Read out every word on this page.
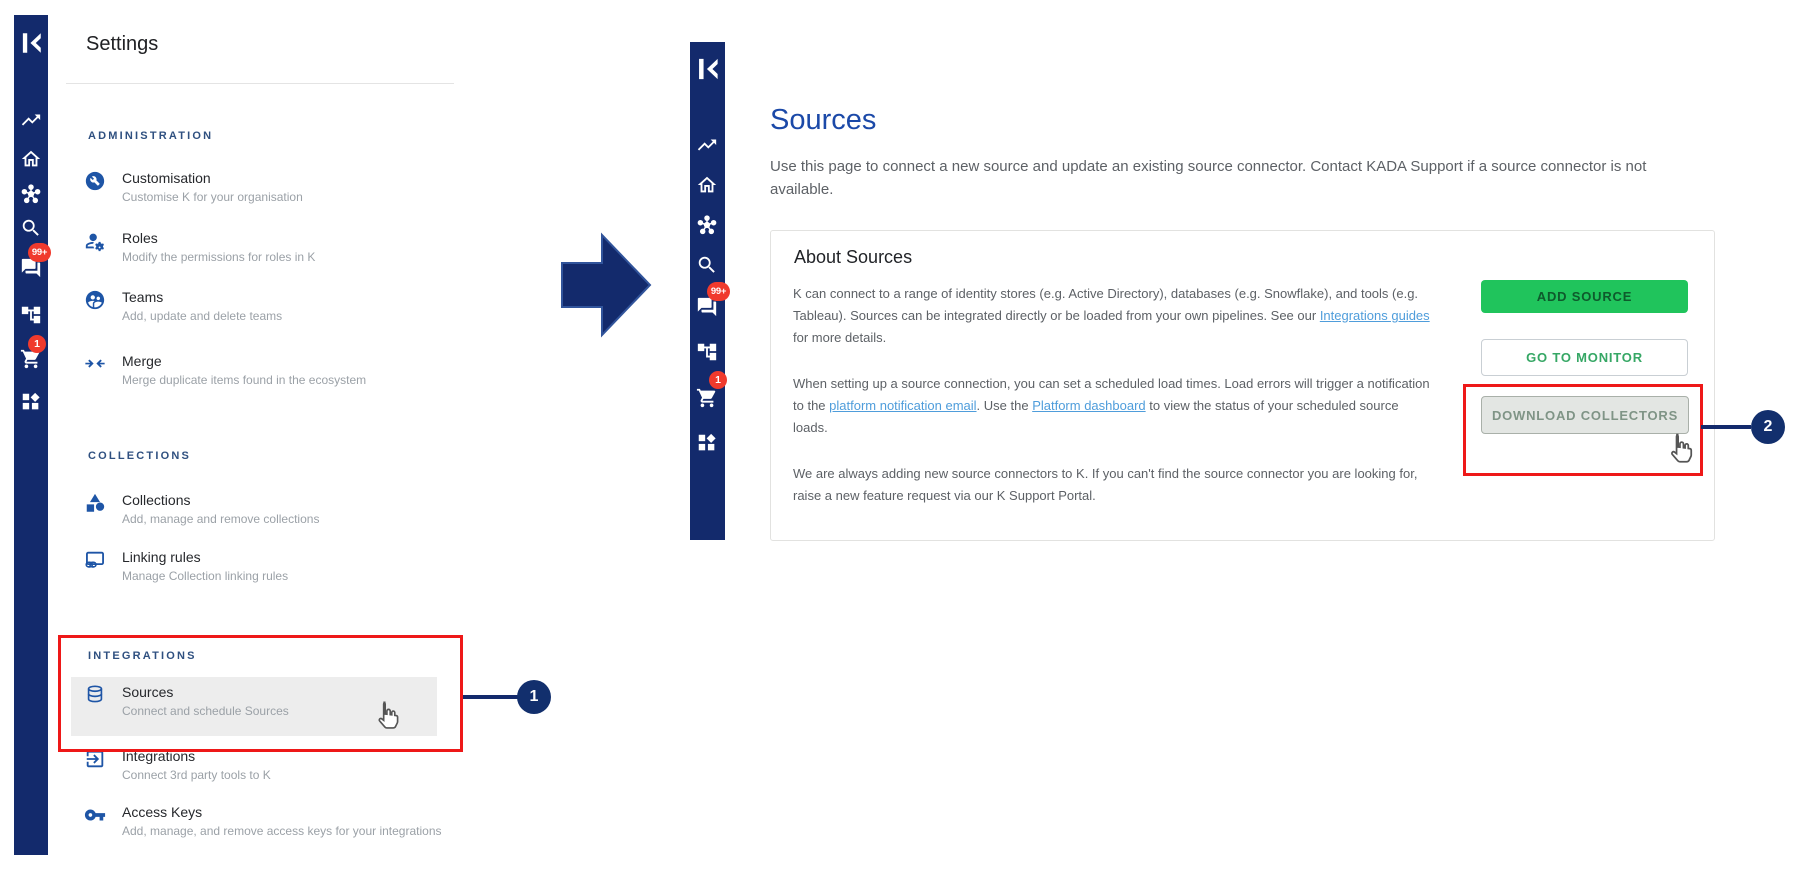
99+
1
Settings
ADMINISTRATION
Customisation
Customise K for your organisation
Roles
Modify the permissions for roles in K
Teams
Add, update and delete teams
Merge
Merge duplicate items found in the ecosystem
COLLECTIONS
Collections
Add, manage and remove collections
Linking rules
Manage Collection linking rules
INTEGRATIONS
Sources
Connect and schedule Sources
Integrations
Connect 3rd party tools to K
Access Keys
Add, manage, and remove access keys for your integrations
1
99+
1
Sources
Use this page to connect a new source and update an existing source connector. Contact KADA Support if a source connector is not available.
About Sources

K can connect to a range of identity stores (e.g. Active Directory), databases (e.g. Snowflake), and tools (e.g. Tableau). Sources can be integrated directly or be loaded from your own pipelines. See our Integrations guides for more details.

When setting up a source connection, you can set a scheduled load times. Load errors will trigger a notification to the platform notification email. Use the Platform dashboard to view the status of your scheduled source loads.

We are always adding new source connectors to K. If you can't find the source connector you are looking for, raise a new feature request via our K Support Portal.

ADD SOURCE
GO TO MONITOR
DOWNLOAD COLLECTORS
2
